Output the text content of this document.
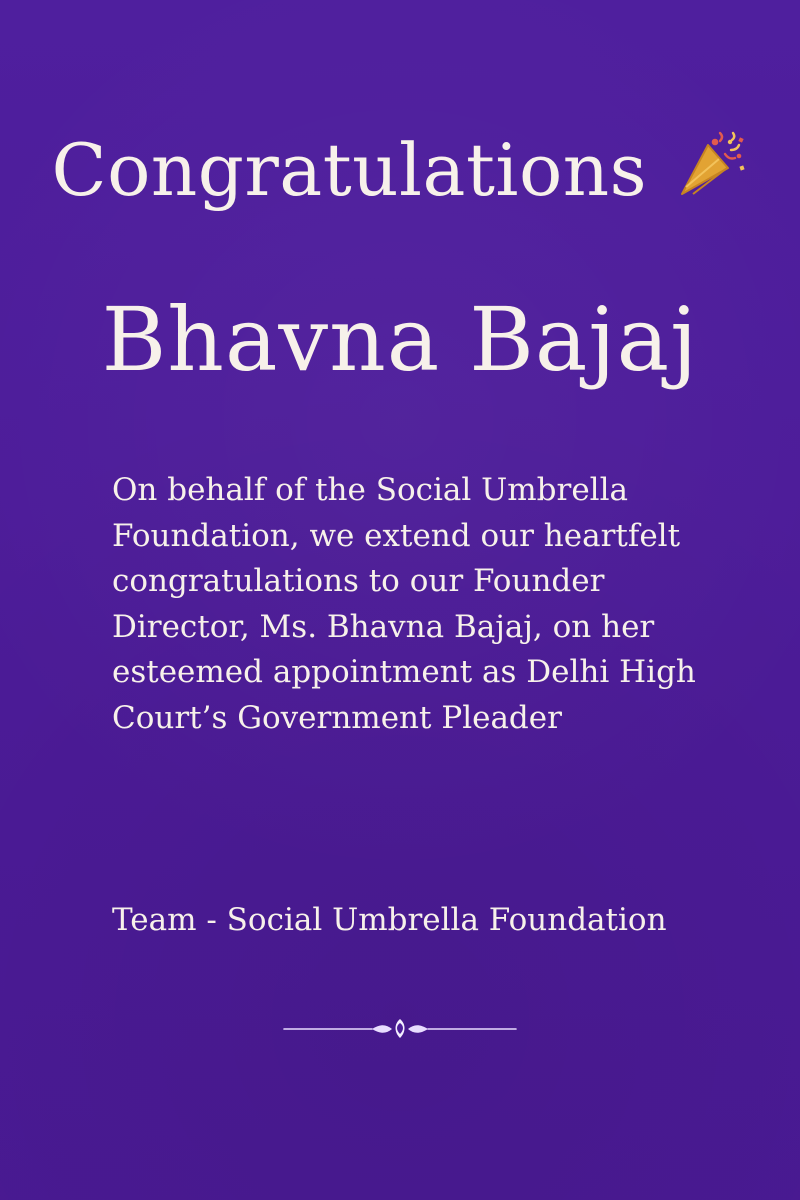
Congratulations
Bhavna Bajaj

On behalf of the Social Umbrella Foundation, we extend our heartfelt congratulations to our Founder Director, Ms. Bhavna Bajaj, on her esteemed appointment as Delhi High Court’s Government Pleader

Team - Social Umbrella Foundation
